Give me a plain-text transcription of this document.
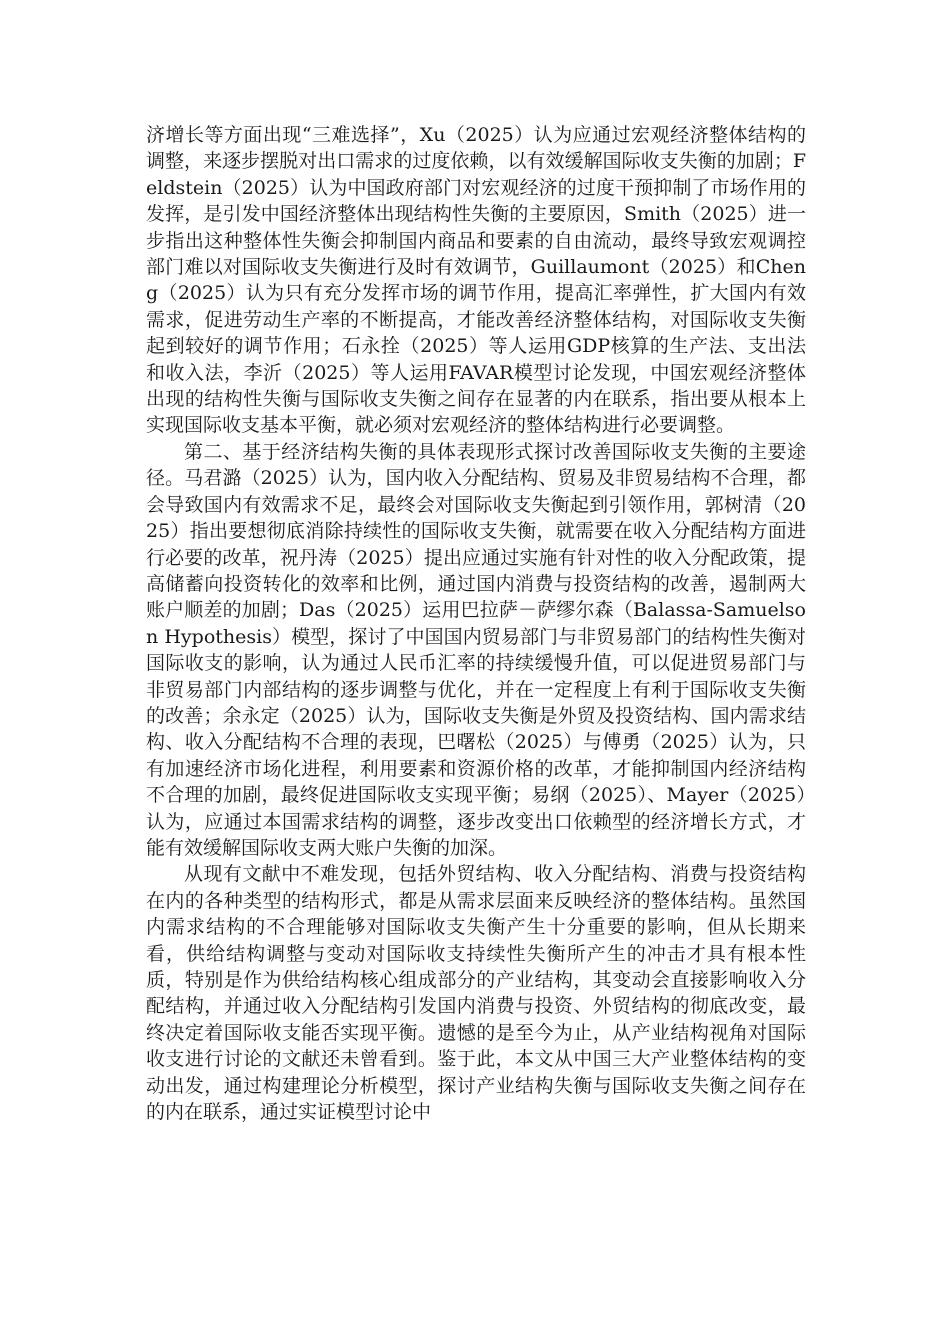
济增长等方面出现“三难选择”，Xu（2025）认为应通过宏观经济整体结构的调整，来逐步摆脱对出口需求的过度依赖，以有效缓解国际收支失衡的加剧；Feldstein（2025）认为中国政府部门对宏观经济的过度干预抑制了市场作用的发挥，是引发中国经济整体出现结构性失衡的主要原因，Smith（2025）进一步指出这种整体性失衡会抑制国内商品和要素的自由流动，最终导致宏观调控部门难以对国际收支失衡进行及时有效调节，Guillaumont（2025）和Cheng（2025）认为只有充分发挥市场的调节作用，提高汇率弹性，扩大国内有效需求，促进劳动生产率的不断提高，才能改善经济整体结构，对国际收支失衡起到较好的调节作用；石永拴（2025）等人运用GDP核算的生产法、支出法和收入法，李沂（2025）等人运用FAVAR模型讨论发现，中国宏观经济整体出现的结构性失衡与国际收支失衡之间存在显著的内在联系，指出要从根本上实现国际收支基本平衡，就必须对宏观经济的整体结构进行必要调整。

第二、基于经济结构失衡的具体表现形式探讨改善国际收支失衡的主要途径。马君潞（2025）认为，国内收入分配结构、贸易及非贸易结构不合理，都会导致国内有效需求不足，最终会对国际收支失衡起到引领作用，郭树清（2025）指出要想彻底消除持续性的国际收支失衡，就需要在收入分配结构方面进行必要的改革，祝丹涛（2025）提出应通过实施有针对性的收入分配政策，提高储蓄向投资转化的效率和比例，通过国内消费与投资结构的改善，遏制两大账户顺差的加剧；Das（2025）运用巴拉萨－萨缪尔森（Balassa-Samuelson Hypothesis）模型，探讨了中国国内贸易部门与非贸易部门的结构性失衡对国际收支的影响，认为通过人民币汇率的持续缓慢升值，可以促进贸易部门与非贸易部门内部结构的逐步调整与优化，并在一定程度上有利于国际收支失衡的改善；余永定（2025）认为，国际收支失衡是外贸及投资结构、国内需求结构、收入分配结构不合理的表现，巴曙松（2025）与傅勇（2025）认为，只有加速经济市场化进程，利用要素和资源价格的改革，才能抑制国内经济结构不合理的加剧，最终促进国际收支实现平衡；易纲（2025）、Mayer（2025）认为，应通过本国需求结构的调整，逐步改变出口依赖型的经济增长方式，才能有效缓解国际收支两大账户失衡的加深。

从现有文献中不难发现，包括外贸结构、收入分配结构、消费与投资结构在内的各种类型的结构形式，都是从需求层面来反映经济的整体结构。虽然国内需求结构的不合理能够对国际收支失衡产生十分重要的影响，但从长期来看，供给结构调整与变动对国际收支持续性失衡所产生的冲击才具有根本性质，特别是作为供给结构核心组成部分的产业结构，其变动会直接影响收入分配结构，并通过收入分配结构引发国内消费与投资、外贸结构的彻底改变，最终决定着国际收支能否实现平衡。遗憾的是至今为止，从产业结构视角对国际收支进行讨论的文献还未曾看到。鉴于此，本文从中国三大产业整体结构的变动出发，通过构建理论分析模型，探讨产业结构失衡与国际收支失衡之间存在的内在联系，通过实证模型讨论中
